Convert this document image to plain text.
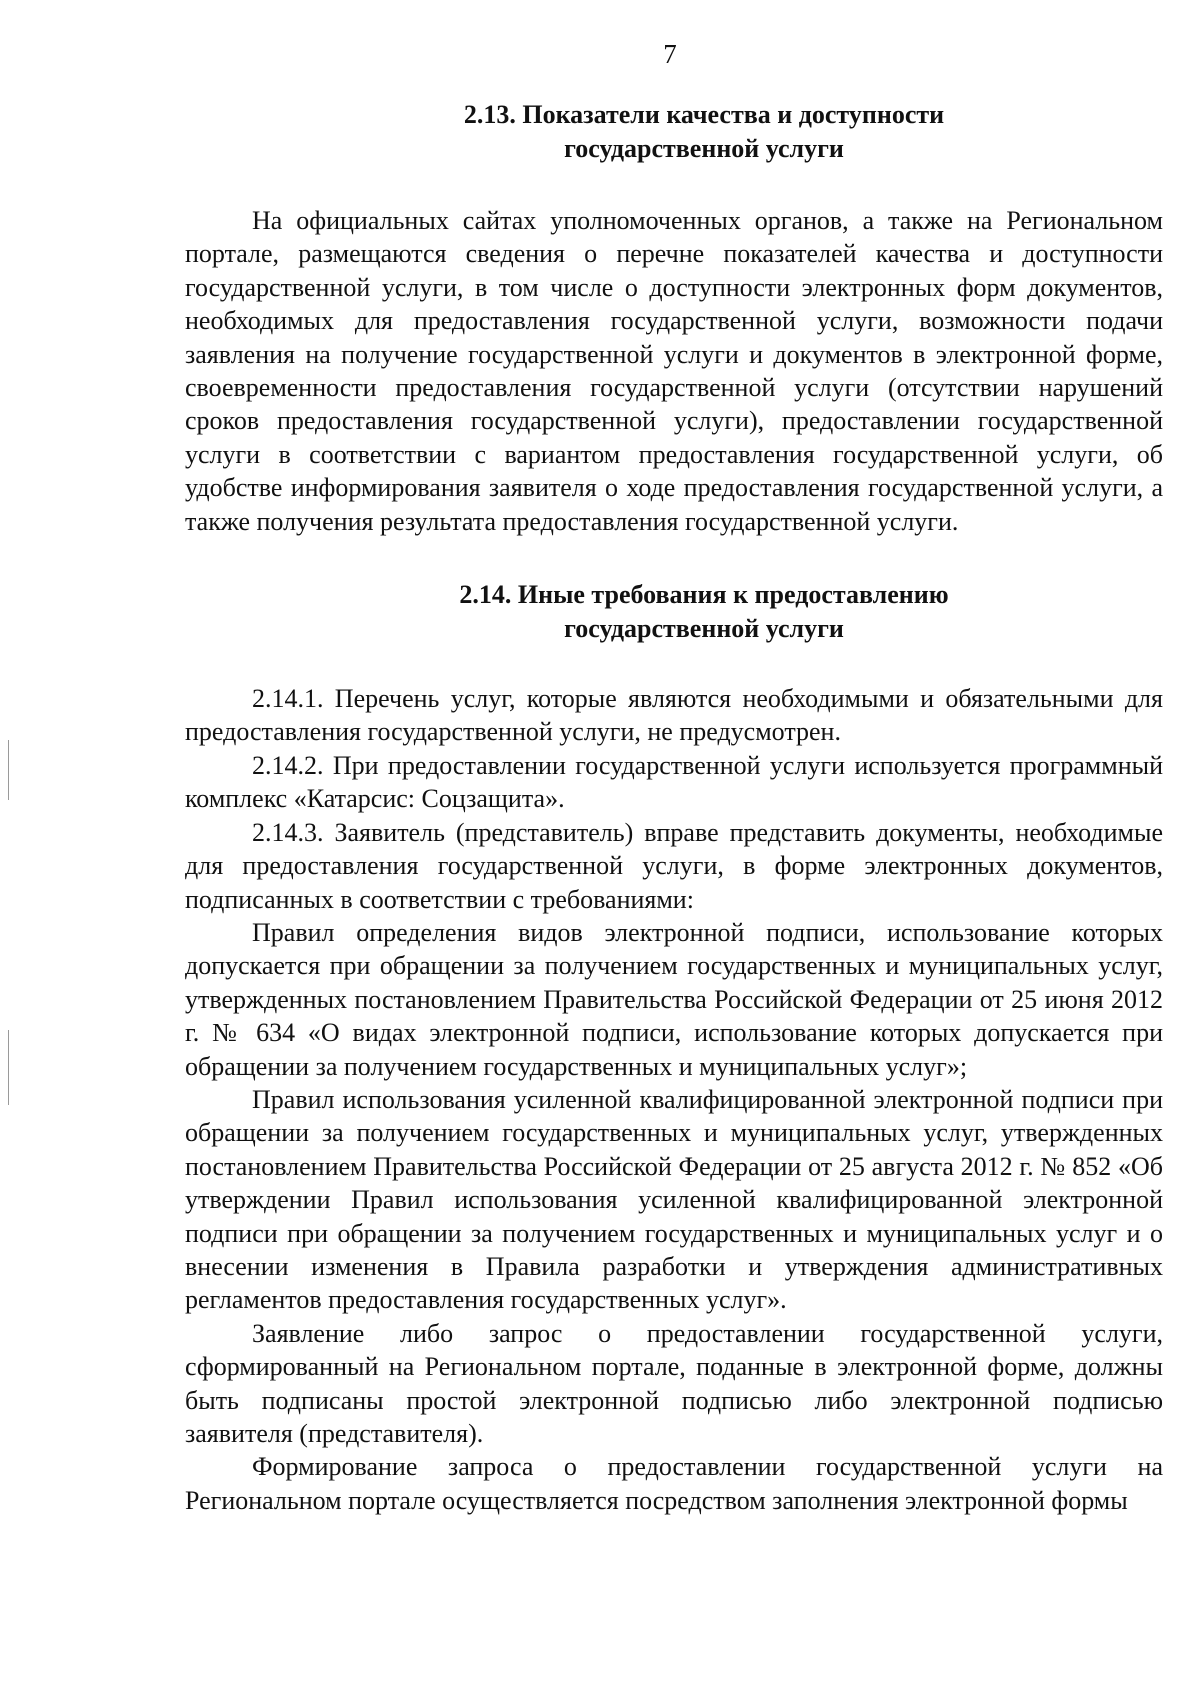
7
2.13. Показатели качества и доступности
государственной услуги

На официальных сайтах уполномоченных органов, а также на Региональном портале, размещаются сведения о перечне показателей качества и доступности государственной услуги, в том числе о доступности электронных форм документов, необходимых для предоставления государственной услуги, возможности подачи заявления на получение государственной услуги и документов в электронной форме, своевременности предоставления государственной услуги (отсутствии нарушений сроков предоставления государственной услуги), предоставлении государственной услуги в соответствии с вариантом предоставления государственной услуги, об удобстве информирования заявителя о ходе предоставления государственной услуги, а также получения результата предоставления государственной услуги.

2.14. Иные требования к предоставлению
государственной услуги

2.14.1. Перечень услуг, которые являются необходимыми и обязательными для предоставления государственной услуги, не предусмотрен.

2.14.2. При предоставлении государственной услуги используется программный комплекс «Катарсис: Соцзащита».

2.14.3. Заявитель (представитель) вправе представить документы, необходимые для предоставления государственной услуги, в форме электронных документов, подписанных в соответствии с требованиями:

Правил определения видов электронной подписи, использование которых допускается при обращении за получением государственных и муниципальных услуг, утвержденных постановлением Правительства Российской Федерации от 25 июня 2012 г. № 634 «О видах электронной подписи, использование которых допускается при обращении за получением государственных и муниципальных услуг»;

Правил использования усиленной квалифицированной электронной подписи при обращении за получением государственных и муниципальных услуг, утвержденных постановлением Правительства Российской Федерации от 25 августа 2012 г. № 852 «Об утверждении Правил использования усиленной квалифицированной электронной подписи при обращении за получением государственных и муниципальных услуг и о внесении изменения в Правила разработки и утверждения административных регламентов предоставления государственных услуг».

Заявление либо запрос о предоставлении государственной услуги, сформированный на Региональном портале, поданные в электронной форме, должны быть подписаны простой электронной подписью либо электронной подписью заявителя (представителя).

Формирование запроса о предоставлении государственной услуги на Региональном портале осуществляется посредством заполнения электронной формы
